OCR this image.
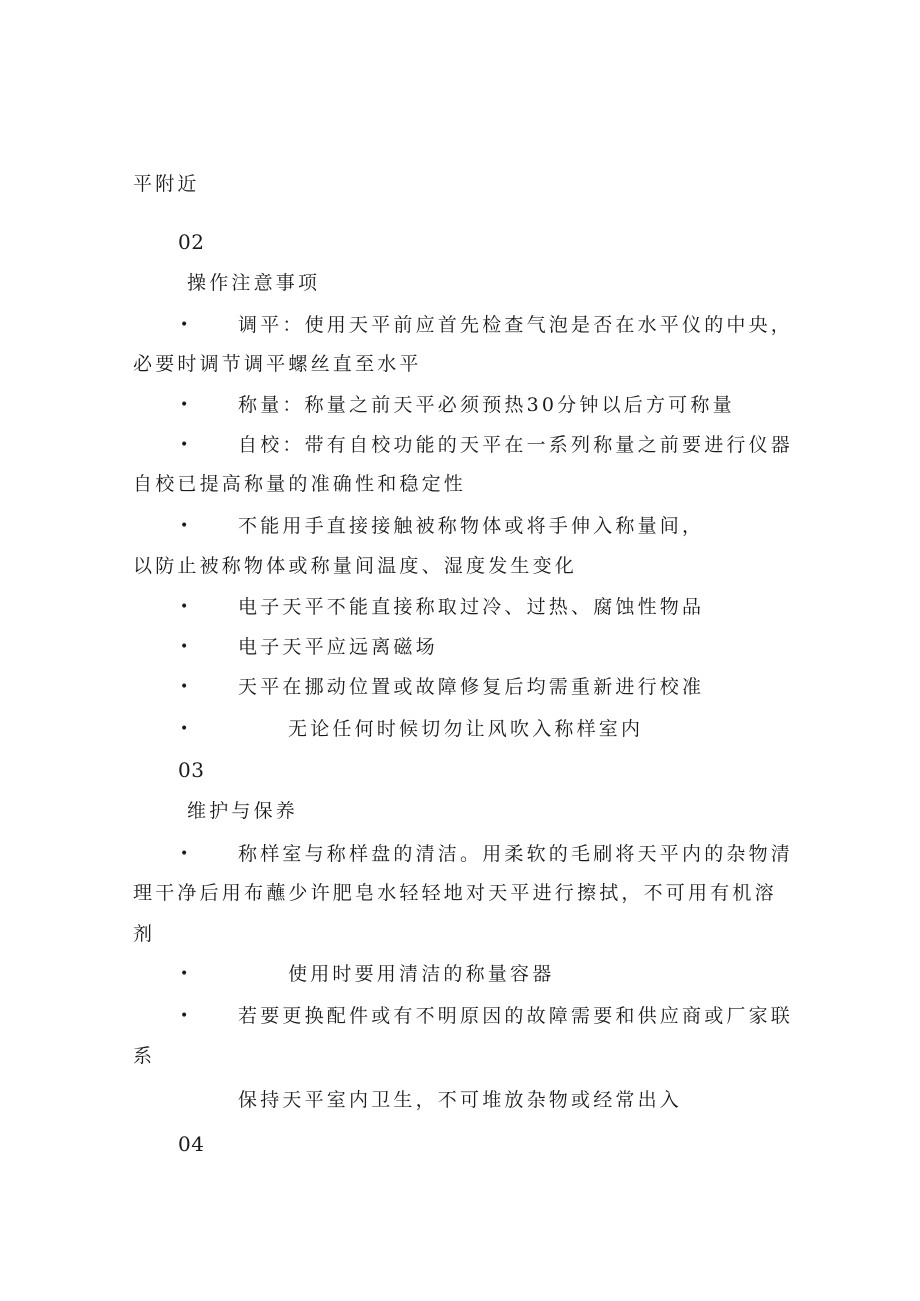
平附近
02
操作注意事项
•	调平：使用天平前应首先检查气泡是否在水平仪的中央，
必要时调节调平螺丝直至水平
•	称量：称量之前天平必须预热30分钟以后方可称量
•	自校：带有自校功能的天平在一系列称量之前要进行仪器
自校已提高称量的准确性和稳定性
•	不能用手直接接触被称物体或将手伸入称量间，
以防止被称物体或称量间温度、湿度发生变化
•	电子天平不能直接称取过冷、过热、腐蚀性物品
•	电子天平应远离磁场
•	天平在挪动位置或故障修复后均需重新进行校准
•	无论任何时候切勿让风吹入称样室内
03
维护与保养
•	称样室与称样盘的清洁。用柔软的毛刷将天平内的杂物清
理干净后用布蘸少许肥皂水轻轻地对天平进行擦拭，不可用有机溶
剂
•	使用时要用清洁的称量容器
•	若要更换配件或有不明原因的故障需要和供应商或厂家联
系
保持天平室内卫生，不可堆放杂物或经常出入
04
